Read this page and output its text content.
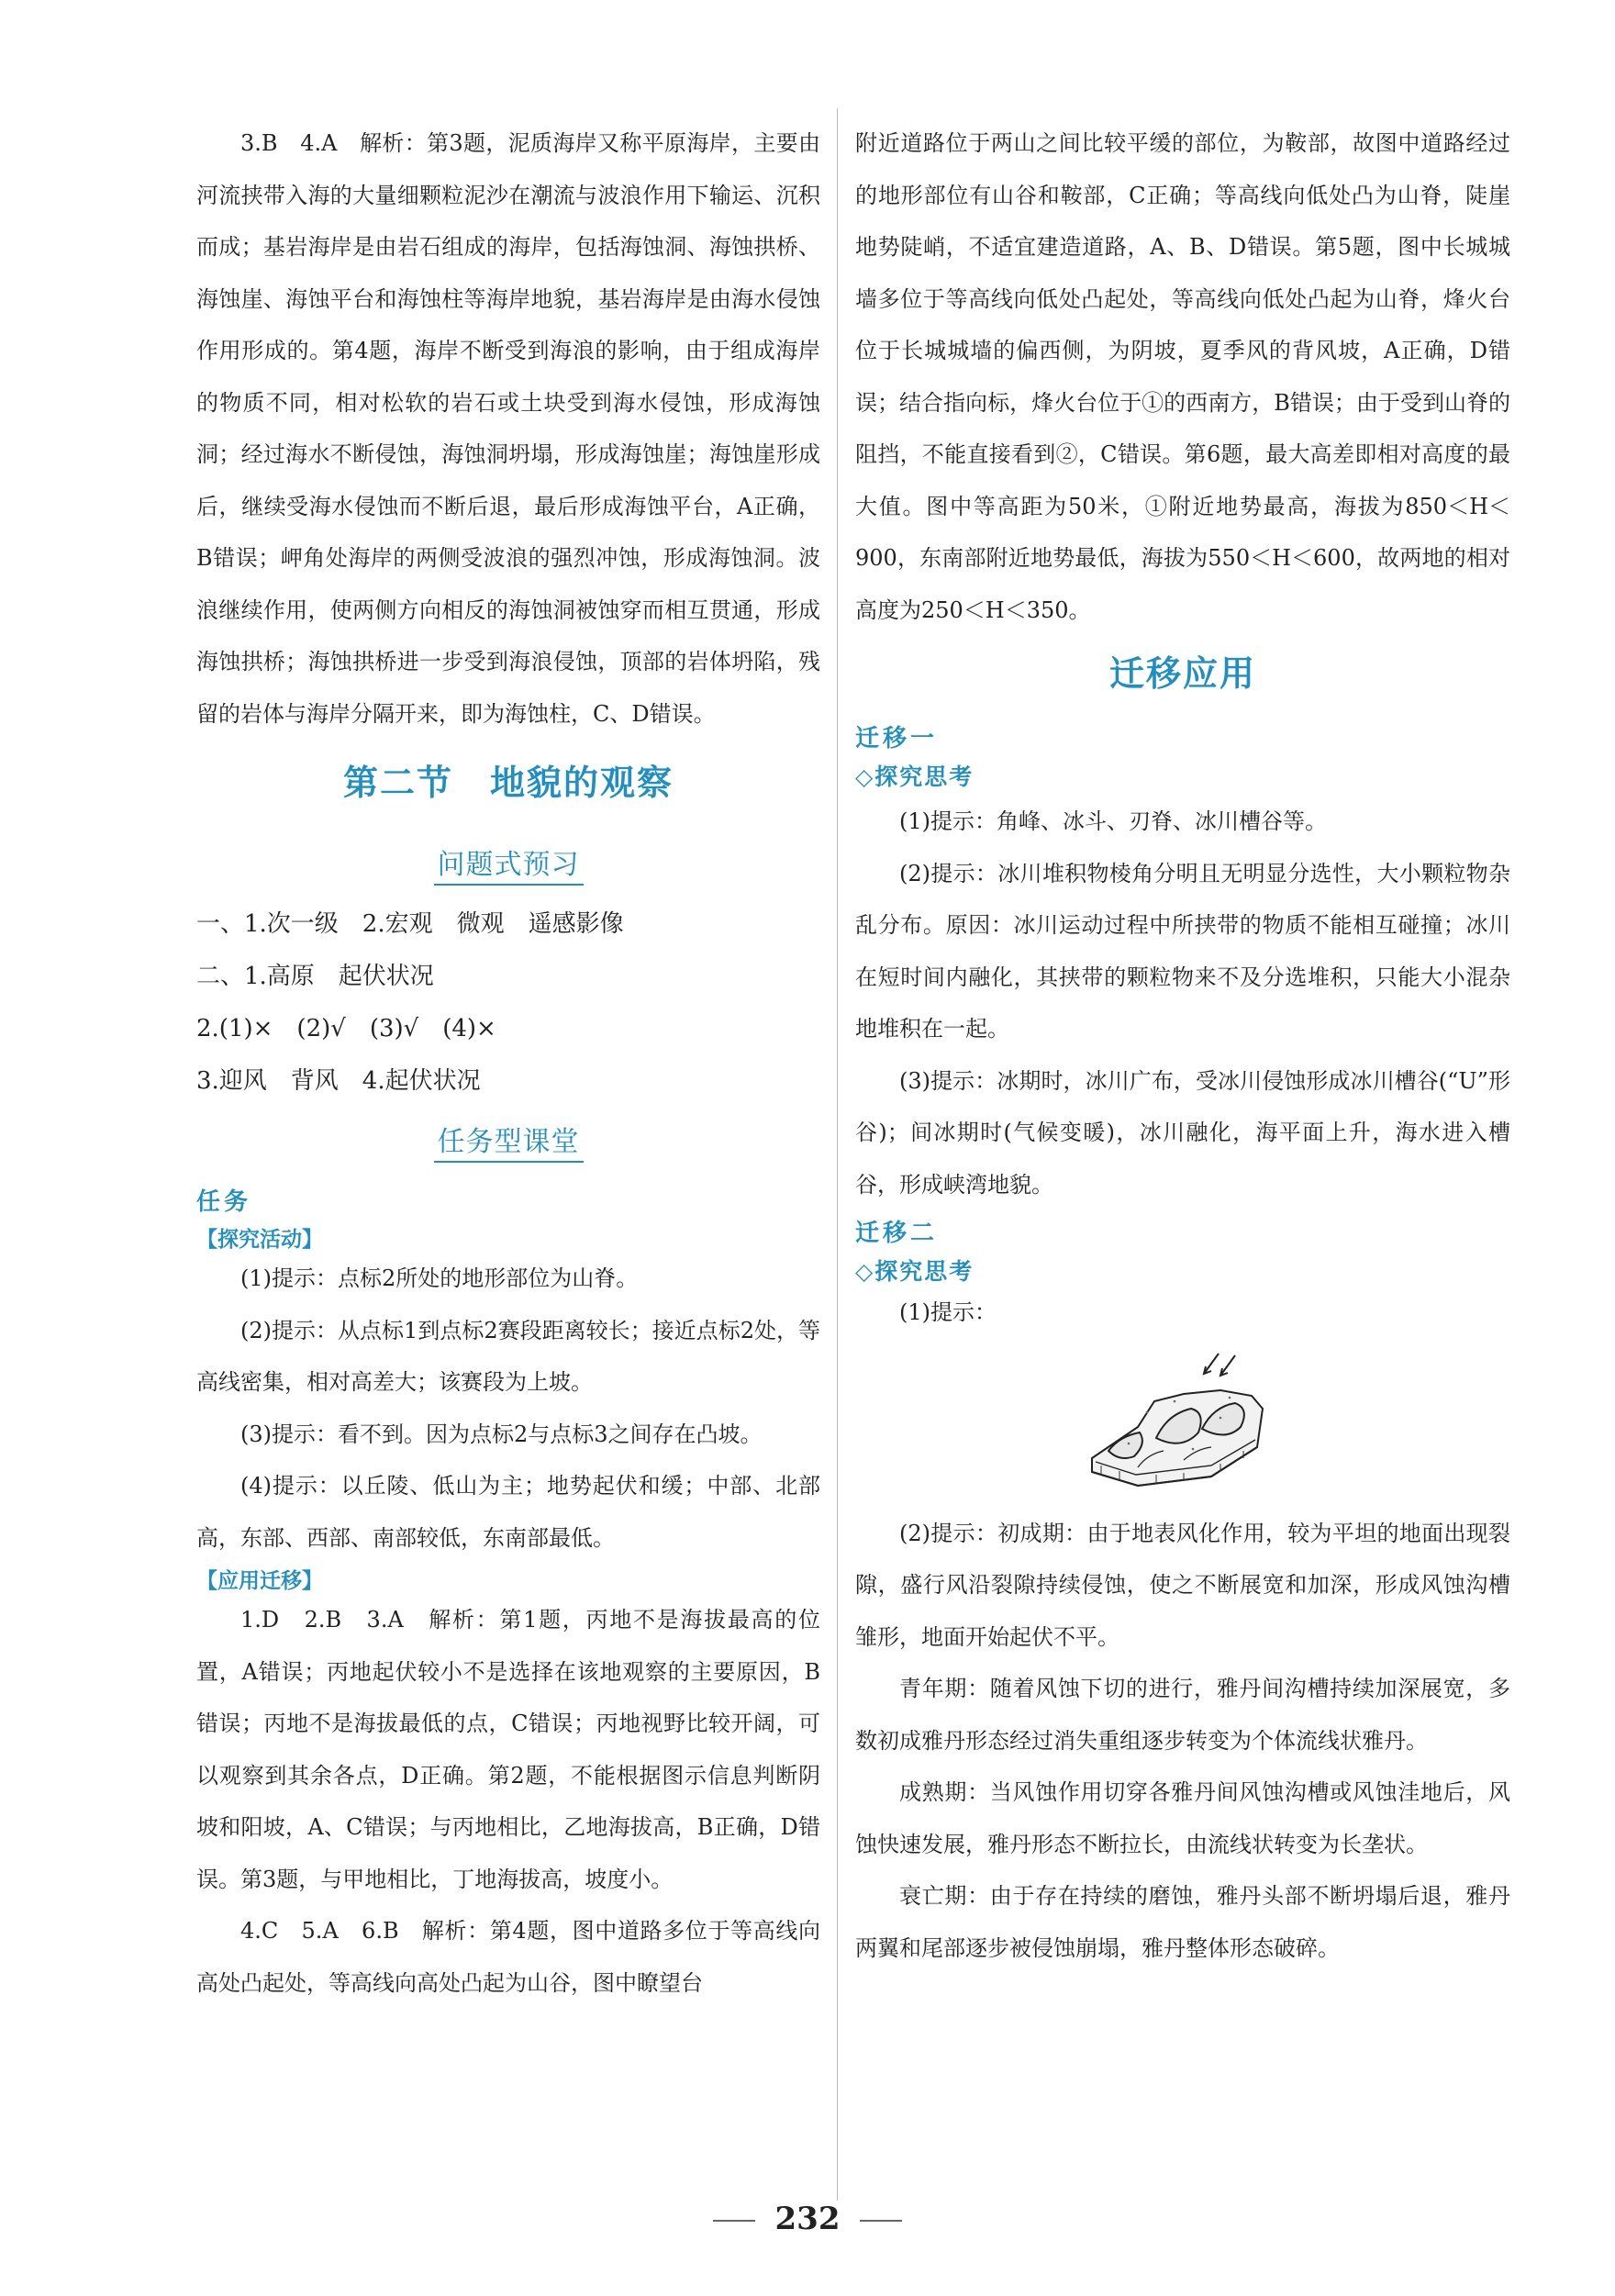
3.B　4.A　解析：第3题，泥质海岸又称平原海岸，主要由河流挟带入海的大量细颗粒泥沙在潮流与波浪作用下输运、沉积而成；基岩海岸是由岩石组成的海岸，包括海蚀洞、海蚀拱桥、海蚀崖、海蚀平台和海蚀柱等海岸地貌，基岩海岸是由海水侵蚀作用形成的。第4题，海岸不断受到海浪的影响，由于组成海岸的物质不同，相对松软的岩石或土块受到海水侵蚀，形成海蚀洞；经过海水不断侵蚀，海蚀洞坍塌，形成海蚀崖；海蚀崖形成后，继续受海水侵蚀而不断后退，最后形成海蚀平台，A正确，B错误；岬角处海岸的两侧受波浪的强烈冲蚀，形成海蚀洞。波浪继续作用，使两侧方向相反的海蚀洞被蚀穿而相互贯通，形成海蚀拱桥；海蚀拱桥进一步受到海浪侵蚀，顶部的岩体坍陷，残留的岩体与海岸分隔开来，即为海蚀柱，C、D错误。

第二节　地貌的观察

问题式预习

一、1.次一级　2.宏观　微观　遥感影像

二、1.高原　起伏状况

2.(1)×　(2)√　(3)√　(4)×

3.迎风　背风　4.起伏状况

任务型课堂

任务

【探究活动】

(1)提示：点标2所处的地形部位为山脊。

(2)提示：从点标1到点标2赛段距离较长；接近点标2处，等高线密集，相对高差大；该赛段为上坡。

(3)提示：看不到。因为点标2与点标3之间存在凸坡。

(4)提示：以丘陵、低山为主；地势起伏和缓；中部、北部高，东部、西部、南部较低，东南部最低。

【应用迁移】

1.D　2.B　3.A　解析：第1题，丙地不是海拔最高的位置，A错误；丙地起伏较小不是选择在该地观察的主要原因，B错误；丙地不是海拔最低的点，C错误；丙地视野比较开阔，可以观察到其余各点，D正确。第2题，不能根据图示信息判断阴坡和阳坡，A、C错误；与丙地相比，乙地海拔高，B正确，D错误。第3题，与甲地相比，丁地海拔高，坡度小。

4.C　5.A　6.B　解析：第4题，图中道路多位于等高线向高处凸起处，等高线向高处凸起为山谷，图中瞭望台

附近道路位于两山之间比较平缓的部位，为鞍部，故图中道路经过的地形部位有山谷和鞍部，C正确；等高线向低处凸为山脊，陡崖地势陡峭，不适宜建造道路，A、B、D错误。第5题，图中长城城墙多位于等高线向低处凸起处，等高线向低处凸起为山脊，烽火台位于长城城墙的偏西侧，为阴坡，夏季风的背风坡，A正确，D错误；结合指向标，烽火台位于①的西南方，B错误；由于受到山脊的阻挡，不能直接看到②，C错误。第6题，最大高差即相对高度的最大值。图中等高距为50米，①附近地势最高，海拔为850＜H＜900，东南部附近地势最低，海拔为550＜H＜600，故两地的相对高度为250＜H＜350。

迁移应用

迁移一

◇探究思考

(1)提示：角峰、冰斗、刃脊、冰川槽谷等。

(2)提示：冰川堆积物棱角分明且无明显分选性，大小颗粒物杂乱分布。原因：冰川运动过程中所挟带的物质不能相互碰撞；冰川在短时间内融化，其挟带的颗粒物来不及分选堆积，只能大小混杂地堆积在一起。

(3)提示：冰期时，冰川广布，受冰川侵蚀形成冰川槽谷(“U”形谷)；间冰期时(气候变暖)，冰川融化，海平面上升，海水进入槽谷，形成峡湾地貌。

迁移二

◇探究思考

(1)提示：

(2)提示：初成期：由于地表风化作用，较为平坦的地面出现裂隙，盛行风沿裂隙持续侵蚀，使之不断展宽和加深，形成风蚀沟槽雏形，地面开始起伏不平。

青年期：随着风蚀下切的进行，雅丹间沟槽持续加深展宽，多数初成雅丹形态经过消失重组逐步转变为个体流线状雅丹。

成熟期：当风蚀作用切穿各雅丹间风蚀沟槽或风蚀洼地后，风蚀快速发展，雅丹形态不断拉长，由流线状转变为长垄状。

衰亡期：由于存在持续的磨蚀，雅丹头部不断坍塌后退，雅丹两翼和尾部逐步被侵蚀崩塌，雅丹整体形态破碎。

232
